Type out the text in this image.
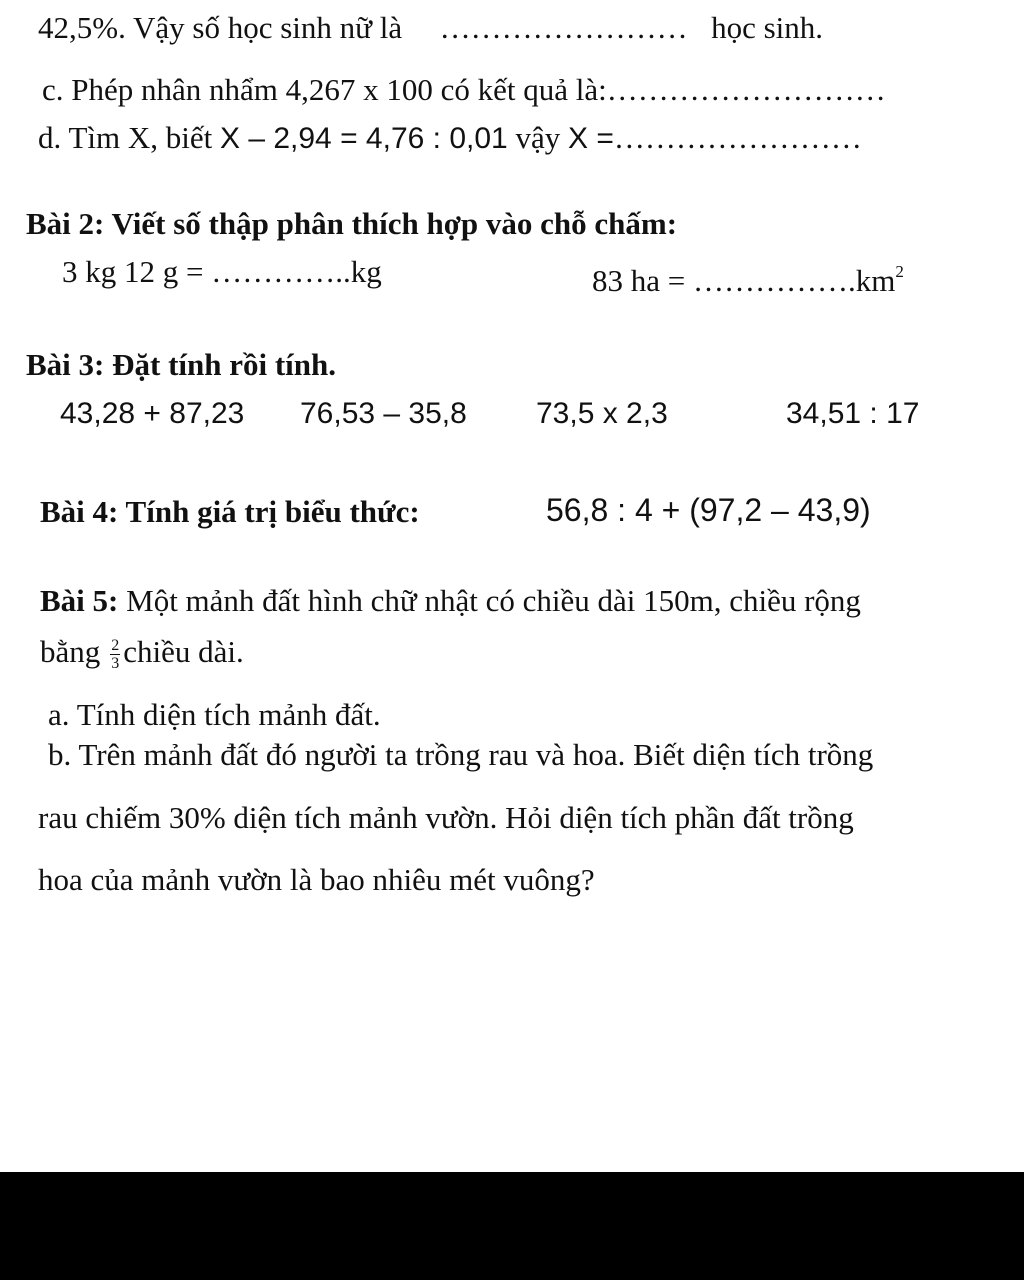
42,5%. Vậy số học sinh nữ là …………………… học sinh.
c. Phép nhân nhẩm 4,267 x 100 có kết quả là:………………………
d. Tìm X, biết X – 2,94 = 4,76 : 0,01 vậy X =……………………
Bài 2: Viết số thập phân thích hợp vào chỗ chấm:
3 kg 12 g = …………..kg	83 ha = $\dots\dots\dots\dots\dots.km^2$
Bài 3: Đặt tính rồi tính.
43,28 + 87,23 76,53 – 35,8 73,5 x 2,3	34,51 : 17
Bài 4: Tính giá trị biểu thức:	56,8 : 4 + (97,2 – 43,9)
Bài 5: Một mảnh đất hình chữ nhật có chiều dài 150m, chiều rộng
bằng $\frac{2}{3}$ chiều dài.
a. Tính diện tích mảnh đất.
b. Trên mảnh đất đó người ta trồng rau và hoa. Biết diện tích trồng
rau chiếm 30% diện tích mảnh vườn. Hỏi diện tích phần đất trồng
hoa của mảnh vườn là bao nhiêu mét vuông?
